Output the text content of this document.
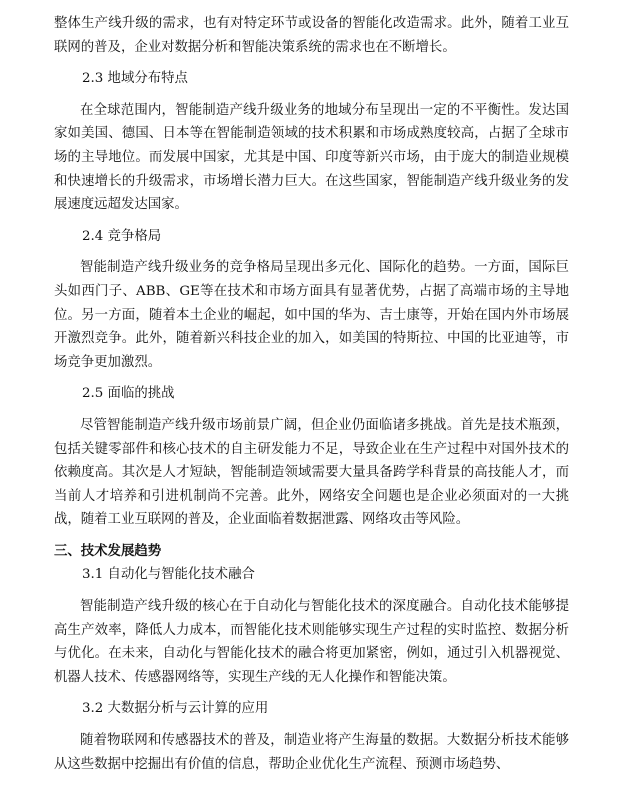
整体生产线升级的需求，也有对特定环节或设备的智能化改造需求。此外，随着工业互联网的普及，企业对数据分析和智能决策系统的需求也在不断增长。

2.3 地域分布特点

在全球范围内，智能制造产线升级业务的地域分布呈现出一定的不平衡性。发达国家如美国、德国、日本等在智能制造领域的技术积累和市场成熟度较高，占据了全球市场的主导地位。而发展中国家，尤其是中国、印度等新兴市场，由于庞大的制造业规模和快速增长的升级需求，市场增长潜力巨大。在这些国家，智能制造产线升级业务的发展速度远超发达国家。

2.4 竞争格局

智能制造产线升级业务的竞争格局呈现出多元化、国际化的趋势。一方面，国际巨头如西门子、ABB、GE等在技术和市场方面具有显著优势，占据了高端市场的主导地位。另一方面，随着本土企业的崛起，如中国的华为、吉士康等，开始在国内外市场展开激烈竞争。此外，随着新兴科技企业的加入，如美国的特斯拉、中国的比亚迪等，市场竞争更加激烈。

2.5 面临的挑战

尽管智能制造产线升级市场前景广阔，但企业仍面临诸多挑战。首先是技术瓶颈，包括关键零部件和核心技术的自主研发能力不足，导致企业在生产过程中对国外技术的依赖度高。其次是人才短缺，智能制造领域需要大量具备跨学科背景的高技能人才，而当前人才培养和引进机制尚不完善。此外，网络安全问题也是企业必须面对的一大挑战，随着工业互联网的普及，企业面临着数据泄露、网络攻击等风险。

三、技术发展趋势
3.1 自动化与智能化技术融合

智能制造产线升级的核心在于自动化与智能化技术的深度融合。自动化技术能够提高生产效率，降低人力成本，而智能化技术则能够实现生产过程的实时监控、数据分析与优化。在未来，自动化与智能化技术的融合将更加紧密，例如，通过引入机器视觉、机器人技术、传感器网络等，实现生产线的无人化操作和智能决策。

3.2 大数据分析与云计算的应用

随着物联网和传感器技术的普及，制造业将产生海量的数据。大数据分析技术能够从这些数据中挖掘出有价值的信息，帮助企业优化生产流程、预测市场趋势、
